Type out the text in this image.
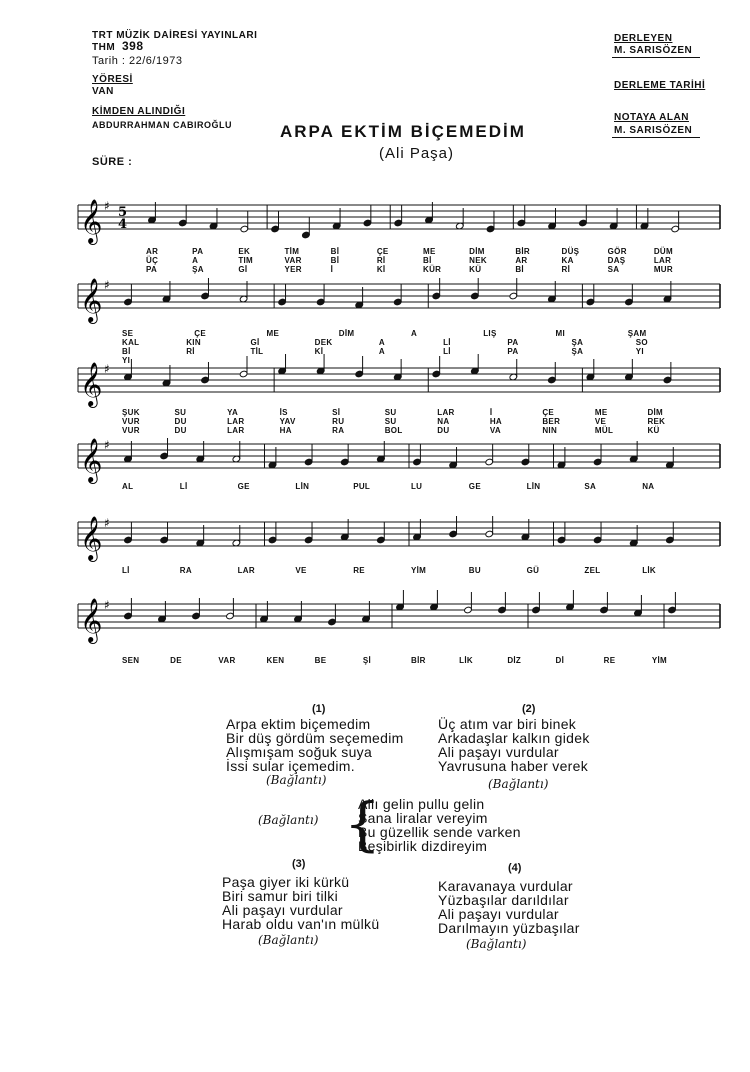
TRT MÜZİK DAİRESİ YAYINLARI
THM 398
Tarih : 22/6/1973
YÖRESİ
VAN
KİMDEN ALINDIĞI
ABDURRAHMAN CABIROĞLU
SÜRE :
DERLEYEN
M. SARISÖZEN
DERLEME TARİHİ
NOTAYA ALAN
M. SARISÖZEN
ARPA EKTİM BİÇEMEDİM
(Ali Paşa)
𝄞 ♯ 5
4
AR	PA	EK	TİM	Bİ	ÇE	ME	DİM	BİR	DÜŞ	GÖR	DÜM
ÜÇ	A	TIM	VAR	Bİ	Rİ	Bİ	NEK	AR	KA	DAŞ	LAR
PA	ŞA	Gİ	YER	İ	Kİ	KÜR	KÜ	Bİ	Rİ	SA	MUR
𝄞 ♯
SE	ÇE	ME	DİM	A	LIŞ	MI	ŞAM
KAL	KIN	Gİ	DEK	A	Lİ	PA	ŞA	SO
Bİ	Rİ	TİL	Kİ	A	Lİ	PA	ŞA	YI
YI
𝄞 ♯
ŞUK	SU	YA	İS	Sİ	SU	LAR	İ	ÇE	ME	DİM
VUR	DU	LAR	YAV	RU	SU	NA	HA	BER	VE	REK
VUR	DU	LAR	HA	RA	BOL	DU	VA	NIN	MÜL	KÜ
𝄞 ♯
AL	Lİ	GE	LİN	PUL	LU	GE	LİN	SA	NA
𝄞 ♯
Lİ	RA	LAR	VE	RE	YİM	BU	GÜ	ZEL	LİK
𝄞 ♯
SEN	DE	VAR	KEN	BE	Şİ	BİR	LİK	DİZ	Dİ	RE	YİM
(1)
Arpa ektim biçemedim
Bir düş gördüm seçemedim
Alışmışam soğuk suya
İssi sular içemedim.
(Bağlantı)
(2)
Üç atım var biri binek
Arkadaşlar kalkın gidek
Ali paşayı vurdular
Yavrusuna haber verek
(Bağlantı)
(Bağlantı) {
Allı gelin pullu gelin
Sana liralar vereyim
Bu güzellik sende varken
Beşibirlik dizdireyim
(3)
Paşa giyer iki kürkü
Biri samur biri tilki
Ali paşayı vurdular
Harab oldu van'ın mülkü
(Bağlantı)
(4)
Karavanaya vurdular
Yüzbaşılar darıldılar
Ali paşayı vurdular
Darılmayın yüzbaşılar
(Bağlantı)
